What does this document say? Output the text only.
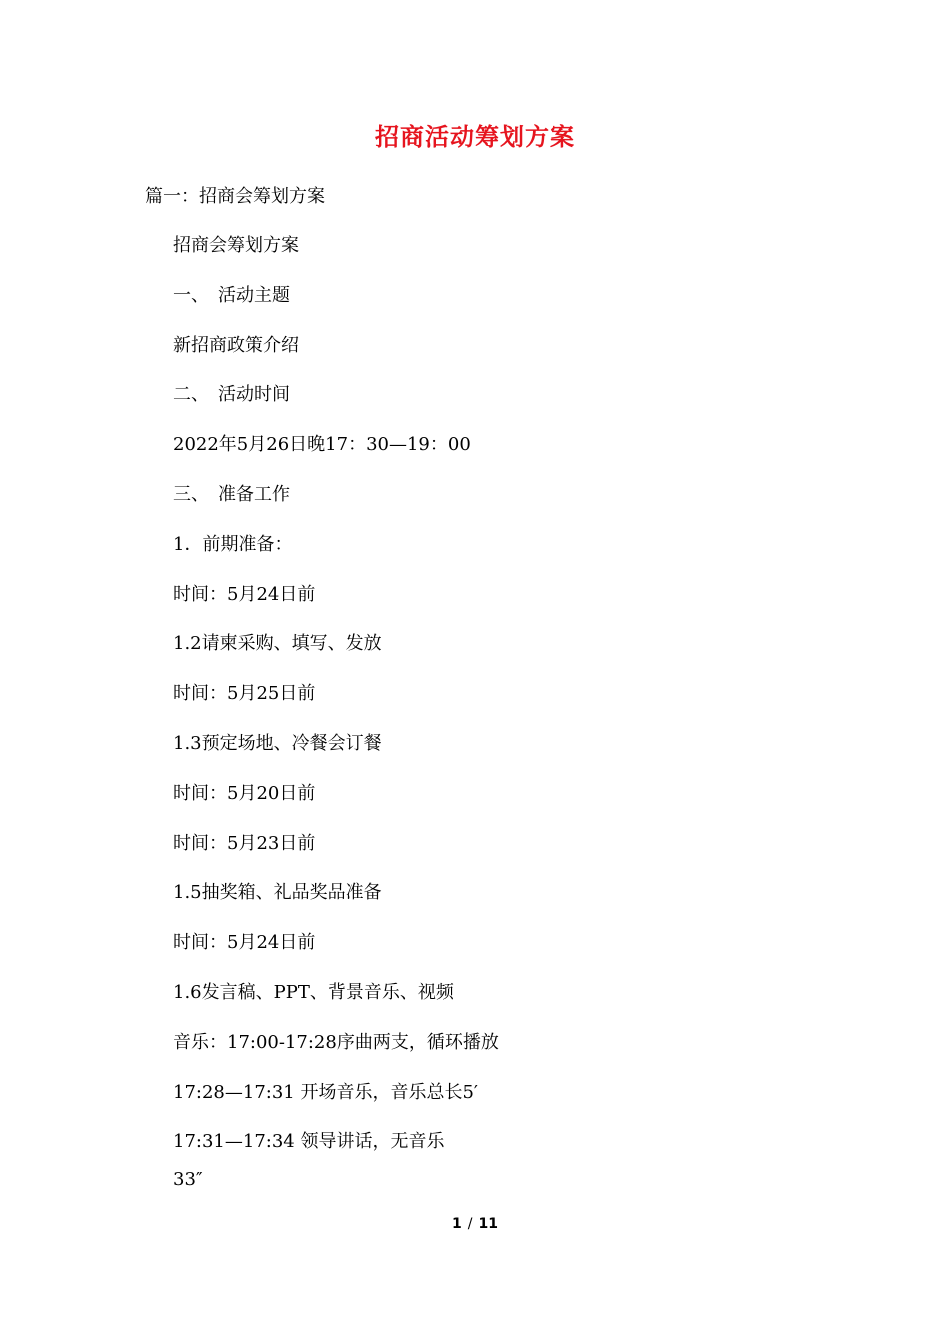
招商活动筹划方案
篇一：招商会筹划方案
招商会筹划方案
一、　活动主题
新招商政策介绍
二、　活动时间
2022年5月26日晚17：30—19：00
三、　准备工作
1．前期准备：
时间：5月24日前
1.2请柬采购、填写、发放
时间：5月25日前
1.3预定场地、冷餐会订餐
时间：5月20日前
时间：5月23日前
1.5抽奖箱、礼品奖品准备
时间：5月24日前
1.6发言稿、PPT、背景音乐、视频
音乐：17:00-17:28序曲两支，循环播放
17:28—17:31 开场音乐，音乐总长5′
17:31—17:34 领导讲话，无音乐
33″
1 / 11
